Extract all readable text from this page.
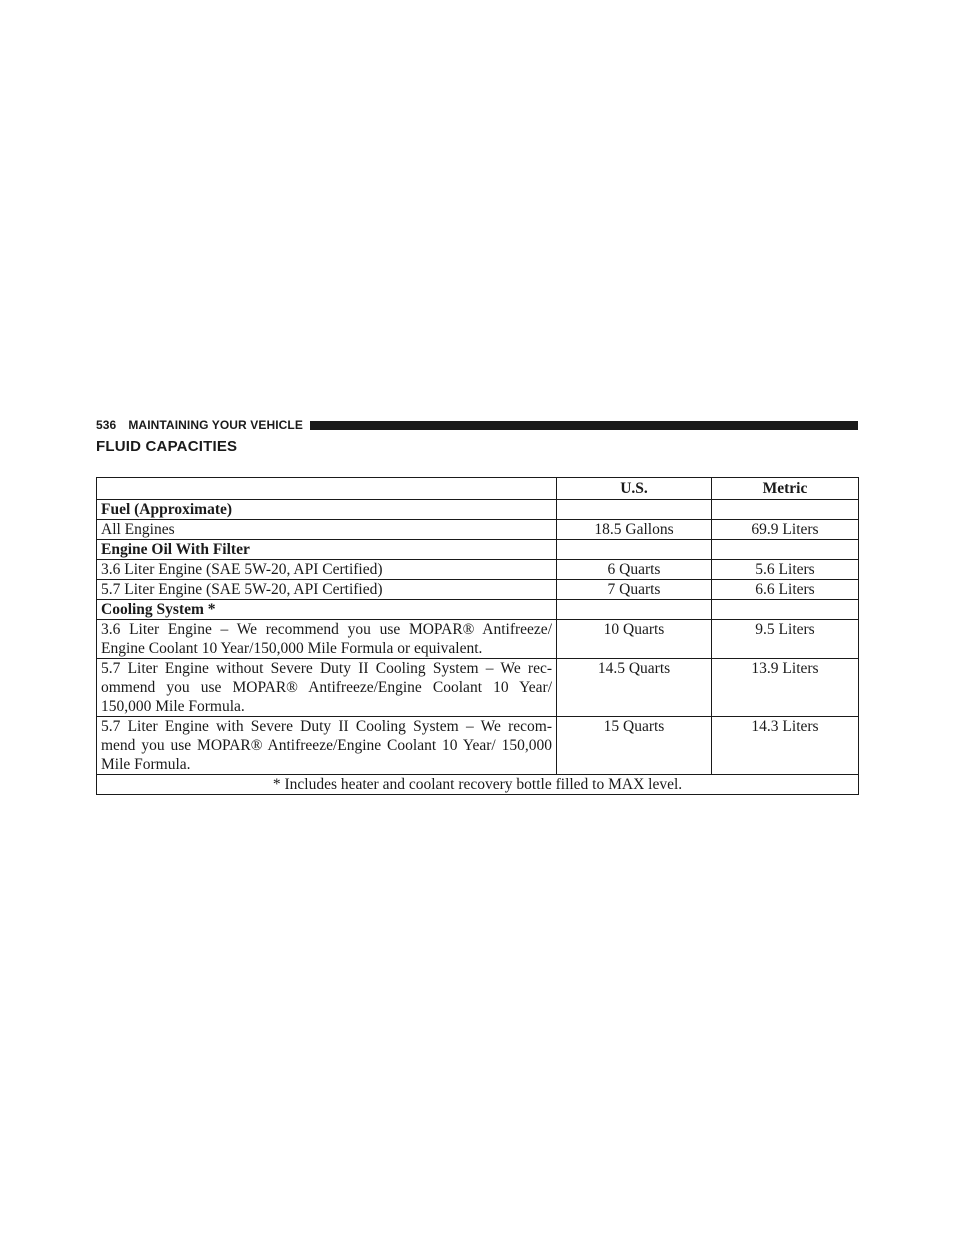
536 MAINTAINING YOUR VEHICLE
FLUID CAPACITIES
	U.S.	Metric
Fuel (Approximate)		
All Engines	18.5 Gallons	69.9 Liters
Engine Oil With Filter		
3.6 Liter Engine (SAE 5W-20, API Certified)	6 Quarts	5.6 Liters
5.7 Liter Engine (SAE 5W-20, API Certified)	7 Quarts	6.6 Liters
Cooling System *		
3.6 Liter Engine – We recommend you use MOPAR® Antifreeze/ Engine Coolant 10 Year/150,000 Mile Formula or equivalent.	10 Quarts	9.5 Liters
5.7 Liter Engine without Severe Duty II Cooling System – We rec- ommend you use MOPAR® Antifreeze/Engine Coolant 10 Year/ 150,000 Mile Formula.	14.5 Quarts	13.9 Liters
5.7 Liter Engine with Severe Duty II Cooling System – We recom- mend you use MOPAR® Antifreeze/Engine Coolant 10 Year/ 150,000 Mile Formula.	15 Quarts	14.3 Liters
* Includes heater and coolant recovery bottle filled to MAX level.		
